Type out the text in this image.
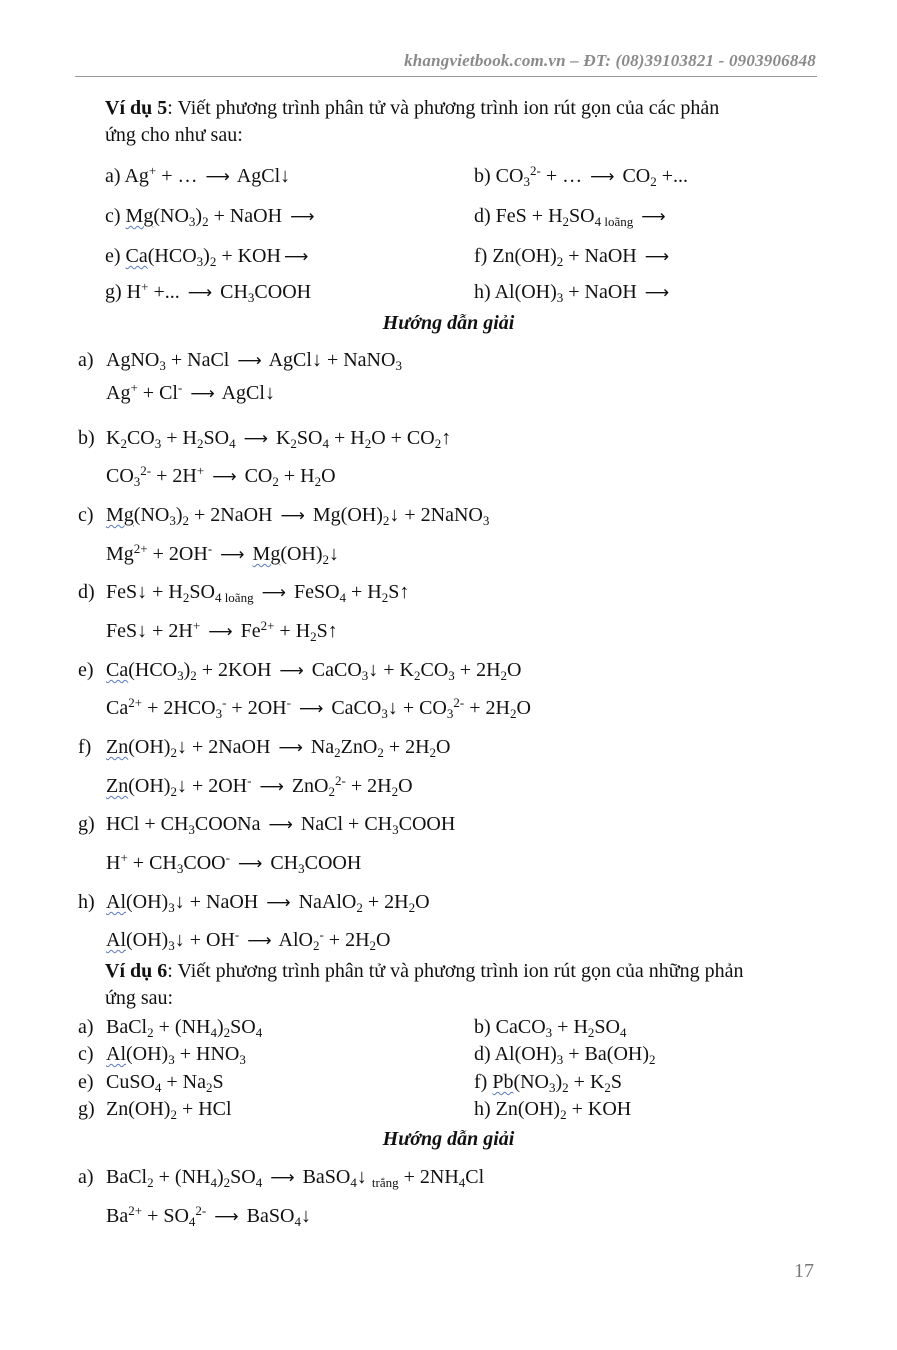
khangvietbook.com.vn – ĐT: (08)39103821 - 0903906848
Ví dụ 5: Viết phương trình phân tử và phương trình ion rút gọn của các phản
ứng cho như sau:
a) Ag+ + … ⟶ AgCl↓	b) $CO_3^{2-}$ + … ⟶ $CO_2$ +...
c) $Mg(NO_3)_2$ + NaOH ⟶	d) FeS + $H_2SO_{4 loãng}$ ⟶
e) $Ca(HCO_3)_2$ + KOH ⟶	f) $Zn(OH)_2$ + NaOH ⟶
g) H+ +... ⟶ $CH_3COOH$	h) $Al(OH)_3$ + NaOH ⟶
Hướng dẫn giải
a) AgNO$_3$ + NaCl ⟶ AgCl↓ + NaNO$_3$
Ag+ + Cl- ⟶ AgCl↓
b) $K_2CO_3 + H_2SO_4$ ⟶ $K_2SO_4 + H_2O$ + $CO_2↑$
$CO_3^{2-} + 2H^+$ ⟶ $CO_2 + H_2O$
c) $Mg(NO_3)_2$ + 2NaOH ⟶ $Mg(OH)_2↓$ + 2NaNO$_3$
$Mg^{2+} + 2OH^-$ ⟶ $Mg(OH)_2↓$
d) FeS↓ + $H_2SO_{4 loãng}$ ⟶ FeSO$_4$ + $H_2S↑$
FeS↓ + 2H+ ⟶ $Fe^{2+}$ + $H_2S↑$
e) $Ca(HCO_3)_2 + 2KOH$ ⟶ CaCO$_3$↓ + $K_2CO_3 + 2H_2O$
$Ca^{2+} + 2HCO_3^- + 2OH^-$ ⟶ CaCO$_3$↓ + $CO_3^{2-} + 2H_2O$
f) $Zn(OH)_2↓$ + 2NaOH ⟶ $Na_2ZnO_2 + 2H_2O$
$Zn(OH)_2↓ + 2OH^-$ ⟶ $ZnO_2^{2-} + 2H_2O$
g) HCl + $CH_3COONa$ ⟶ NaCl + $CH_3COOH$
$H^+ + CH_3COO^-$ ⟶ $CH_3COOH$
h) $Al(OH)_3↓$ + NaOH ⟶ NaAlO$_2$ + $2H_2O$
$Al(OH)_3↓ + OH^-$ ⟶ $AlO_2^- + 2H_2O$
Ví dụ 6: Viết phương trình phân tử và phương trình ion rút gọn của những phản
ứng sau:
a) BaCl$_2$ + $(NH_4)_2SO_4$	b) CaCO$_3$ + $H_2SO_4$
c) $Al(OH)_3 + HNO_3$	d) $Al(OH)_3 + Ba(OH)_2$
e) CuSO$_4$ + $Na_2S$	f) $Pb(NO_3)_2 + K_2S$
g) $Zn(OH)_2$ + HCl	h) $Zn(OH)_2$ + KOH
Hướng dẫn giải
a) BaCl$_2$ + $(NH_4)_2SO_4$ ⟶ BaSO$_4$↓ $_{trắng} + 2NH_4Cl$
$Ba^{2+} + SO_4^{2-}$ ⟶ BaSO$_4$↓
17
